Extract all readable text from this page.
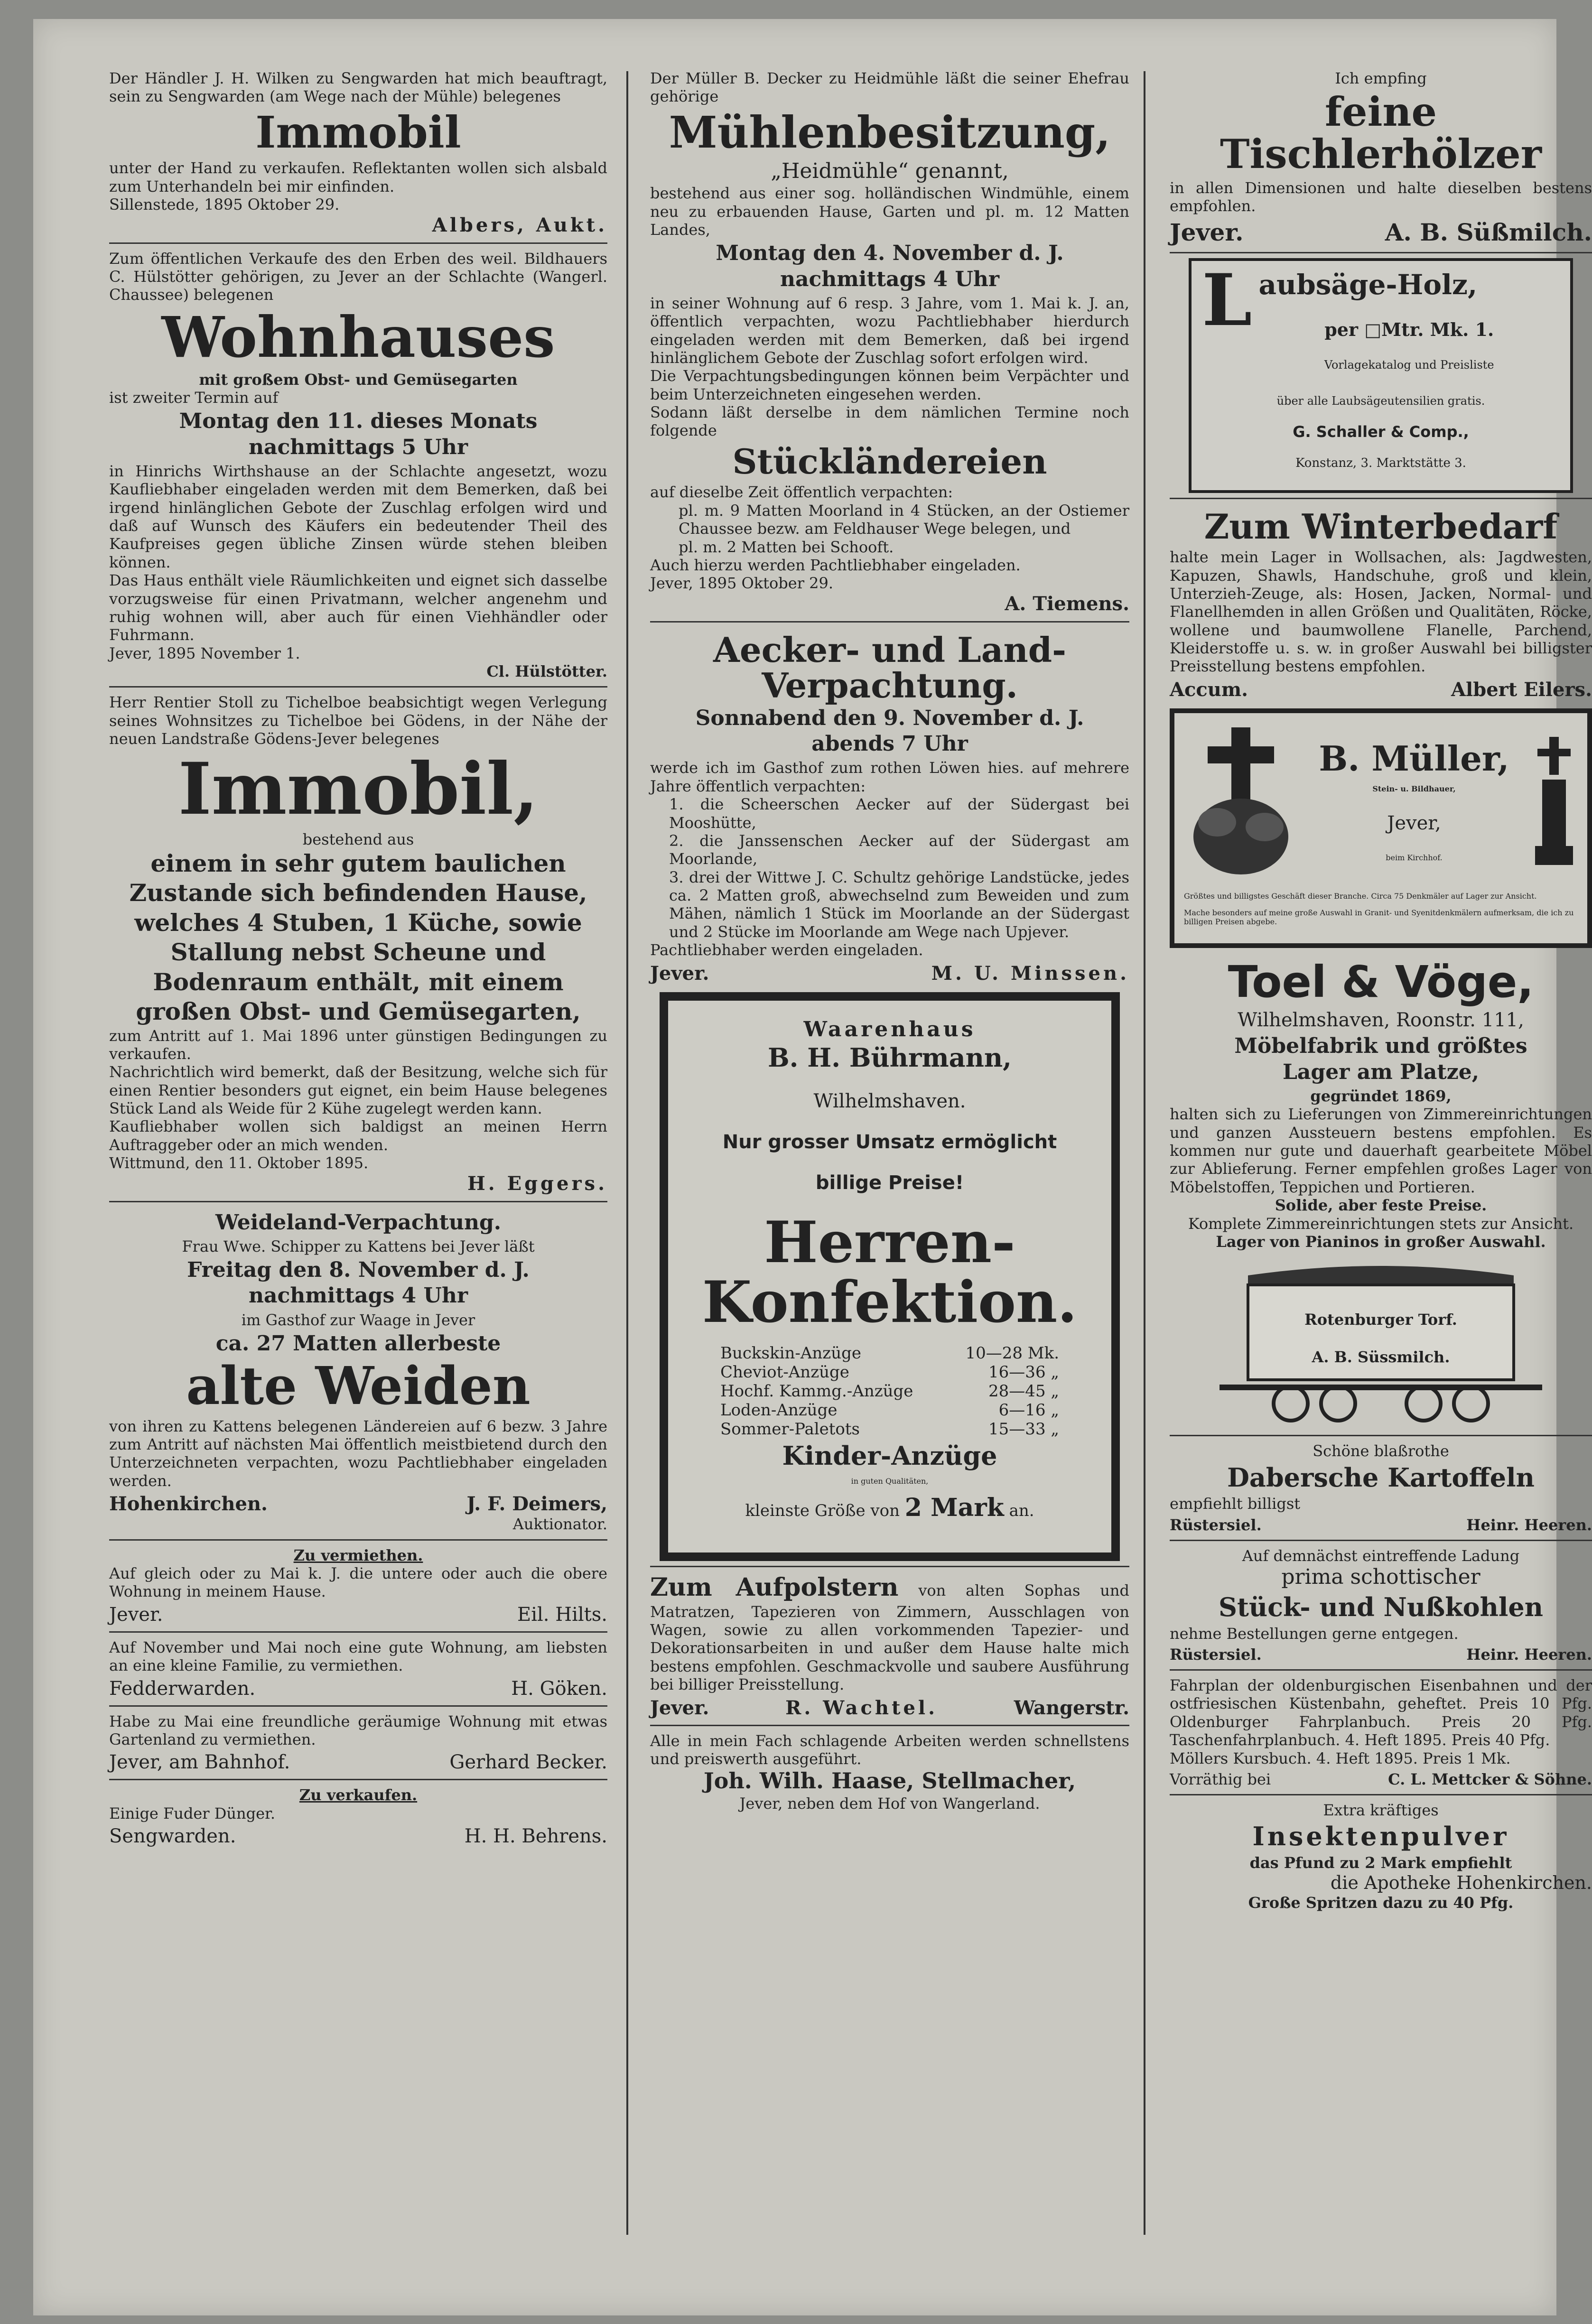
Der Händler J. H. Wilken zu Sengwarden hat mich beauftragt, sein zu Sengwarden (am Wege nach der Mühle) belegenes

Immobil

unter der Hand zu verkaufen. Reflektanten wollen sich alsbald zum Unterhandeln bei mir einfinden.

Sillenstede, 1895 Oktober 29.

Albers, Aukt.

Zum öffentlichen Verkaufe des den Erben des weil. Bildhauers C. Hülstötter gehörigen, zu Jever an der Schlachte (Wangerl. Chaussee) belegenen

Wohnhauses

mit großem Obst- und Gemüsegarten

ist zweiter Termin auf

Montag den 11. dieses Monats
nachmittags 5 Uhr

in Hinrichs Wirthshause an der Schlachte angesetzt, wozu Kaufliebhaber eingeladen werden mit dem Bemerken, daß bei irgend hinlänglichen Gebote der Zuschlag erfolgen wird und daß auf Wunsch des Käufers ein bedeutender Theil des Kaufpreises gegen übliche Zinsen würde stehen bleiben können.

Das Haus enthält viele Räumlichkeiten und eignet sich dasselbe vorzugsweise für einen Privatmann, welcher angenehm und ruhig wohnen will, aber auch für einen Viehhändler oder Fuhrmann.

Jever, 1895 November 1.

Cl. Hülstötter.

Herr Rentier Stoll zu Tichelboe beabsichtigt wegen Verlegung seines Wohnsitzes zu Tichelboe bei Gödens, in der Nähe der neuen Landstraße Gödens-Jever belegenes

Immobil,

bestehend aus

einem in sehr gutem baulichen Zustande sich befindenden Hause, welches 4 Stuben, 1 Küche, sowie Stallung nebst Scheune und Bodenraum enthält, mit einem großen Obst- und Gemüsegarten,

zum Antritt auf 1. Mai 1896 unter günstigen Bedingungen zu verkaufen.

Nachrichtlich wird bemerkt, daß der Besitzung, welche sich für einen Rentier besonders gut eignet, ein beim Hause belegenes Stück Land als Weide für 2 Kühe zugelegt werden kann.

Kaufliebhaber wollen sich baldigst an meinen Herrn Auftraggeber oder an mich wenden.

Wittmund, den 11. Oktober 1895.

H. Eggers.

Weideland-Verpachtung.

Frau Wwe. Schipper zu Kattens bei Jever läßt

Freitag den 8. November d. J.
nachmittags 4 Uhr

im Gasthof zur Waage in Jever

ca. 27 Matten allerbeste
alte Weiden

von ihren zu Kattens belegenen Ländereien auf 6 bezw. 3 Jahre zum Antritt auf nächsten Mai öffentlich meistbietend durch den Unterzeichneten verpachten, wozu Pachtliebhaber eingeladen werden.

Hohenkirchen.	J. F. Deimers,

Auktionator.

Zu vermiethen.

Auf gleich oder zu Mai k. J. die untere oder auch die obere Wohnung in meinem Hause.

Jever.	Eil. Hilts.

Auf November und Mai noch eine gute Wohnung, am liebsten an eine kleine Familie, zu vermiethen.

Fedderwarden.	H. Göken.

Habe zu Mai eine freundliche geräumige Wohnung mit etwas Gartenland zu vermiethen.

Jever, am Bahnhof.	Gerhard Becker.

Zu verkaufen.

Einige Fuder Dünger.

Sengwarden.	H. H. Behrens.

Der Müller B. Decker zu Heidmühle läßt die seiner Ehefrau gehörige

Mühlenbesitzung,

„Heidmühle“ genannt,

bestehend aus einer sog. holländischen Windmühle, einem neu zu erbauenden Hause, Garten und pl. m. 12 Matten Landes,

Montag den 4. November d. J.
nachmittags 4 Uhr

in seiner Wohnung auf 6 resp. 3 Jahre, vom 1. Mai k. J. an, öffentlich verpachten, wozu Pachtliebhaber hierdurch eingeladen werden mit dem Bemerken, daß bei irgend hinlänglichem Gebote der Zuschlag sofort erfolgen wird.

Die Verpachtungsbedingungen können beim Verpächter und beim Unterzeichneten eingesehen werden.

Sodann läßt derselbe in dem nämlichen Termine noch folgende

Stückländereien

auf dieselbe Zeit öffentlich verpachten:

pl. m. 9 Matten Moorland in 4 Stücken, an der Ostiemer Chaussee bezw. am Feldhauser Wege belegen, und

pl. m. 2 Matten bei Schooft.

Auch hierzu werden Pachtliebhaber eingeladen.

Jever, 1895 Oktober 29.

A. Tiemens.

Aecker- und Land-Verpachtung.
Sonnabend den 9. November d. J.
abends 7 Uhr

werde ich im Gasthof zum rothen Löwen hies. auf mehrere Jahre öffentlich verpachten:

1. die Scheerschen Aecker auf der Südergast bei Mooshütte,

2. die Janssenschen Aecker auf der Südergast am Moorlande,

3. drei der Wittwe J. C. Schultz gehörige Landstücke, jedes ca. 2 Matten groß, abwechselnd zum Beweiden und zum Mähen, nämlich 1 Stück im Moorlande an der Südergast und 2 Stücke im Moorlande am Wege nach Upjever.

Pachtliebhaber werden eingeladen.

Jever.	M. U. Minssen.
Waarenhaus
B. H. Bührmann,

Wilhelmshaven.

Nur grosser Umsatz ermöglicht

billige Preise!

Herren-Konfektion.
Buckskin-Anzüge	10—28 Mk.
Cheviot-Anzüge	16—36 „
Hochf. Kammg.-Anzüge	28—45 „
Loden-Anzüge	6—16 „
Sommer-Paletots	15—33 „
Kinder-Anzüge

in guten Qualitäten,

kleinste Größe von 2 Mark an.

Zum Aufpolstern von alten Sophas und Matratzen, Tapezieren von Zimmern, Ausschlagen von Wagen, sowie zu allen vorkommenden Tapezier- und Dekorationsarbeiten in und außer dem Hause halte mich bestens empfohlen. Geschmackvolle und saubere Ausführung bei billiger Preisstellung.

Jever.	R. Wachtel.	Wangerstr.

Alle in mein Fach schlagende Arbeiten werden schnellstens und preiswerth ausgeführt.

Joh. Wilh. Haase, Stellmacher,

Jever, neben dem Hof von Wangerland.

Ich empfing

feine Tischlerhölzer

in allen Dimensionen und halte dieselben bestens empfohlen.

Jever.	A. B. Süßmilch.
L aubsäge-Holz,

per □Mtr. Mk. 1.

Vorlagekatalog und Preisliste

über alle Laubsägeutensilien gratis.

G. Schaller & Comp.,

Konstanz, 3. Marktstätte 3.

Zum Winterbedarf

halte mein Lager in Wollsachen, als: Jagdwesten, Kapuzen, Shawls, Handschuhe, groß und klein, Unterzieh-Zeuge, als: Hosen, Jacken, Normal- und Flanellhemden in allen Größen und Qualitäten, Röcke, wollene und baumwollene Flanelle, Parchend, Kleiderstoffe u. s. w. in großer Auswahl bei billigster Preisstellung bestens empfohlen.

Accum.	Albert Eilers.
B. Müller,

Stein- u. Bildhauer,

Jever,

beim Kirchhof.

Größtes und billigstes Geschäft dieser Branche. Circa 75 Denkmäler auf Lager zur Ansicht.

Mache besonders auf meine große Auswahl in Granit- und Syenitdenkmälern aufmerksam, die ich zu billigen Preisen abgebe.

Toel & Vöge,

Wilhelmshaven, Roonstr. 111,

Möbelfabrik und größtes
Lager am Platze,

gegründet 1869,

halten sich zu Lieferungen von Zimmereinrichtungen und ganzen Aussteuern bestens empfohlen. Es kommen nur gute und dauerhaft gearbeitete Möbel zur Ablieferung. Ferner empfehlen großes Lager von Möbelstoffen, Teppichen und Portieren.

Solide, aber feste Preise.

Komplete Zimmereinrichtungen stets zur Ansicht.

Lager von Pianinos in großer Auswahl.

Rotenburger Torf.

A. B. Süssmilch.

Schöne blaßrothe

Dabersche Kartoffeln

empfiehlt billigst

Rüstersiel.	Heinr. Heeren.

Auf demnächst eintreffende Ladung

prima schottischer

Stück- und Nußkohlen

nehme Bestellungen gerne entgegen.

Rüstersiel.	Heinr. Heeren.

Fahrplan der oldenburgischen Eisenbahnen und der ostfriesischen Küstenbahn, geheftet. Preis 10 Pfg. Oldenburger Fahrplanbuch. Preis 20 Pfg. Taschenfahrplanbuch. 4. Heft 1895. Preis 40 Pfg.

Möllers Kursbuch. 4. Heft 1895. Preis 1 Mk.

Vorräthig bei	C. L. Mettcker & Söhne.

Extra kräftiges

Insektenpulver

das Pfund zu 2 Mark empfiehlt

die Apotheke Hohenkirchen.

Große Spritzen dazu zu 40 Pfg.
